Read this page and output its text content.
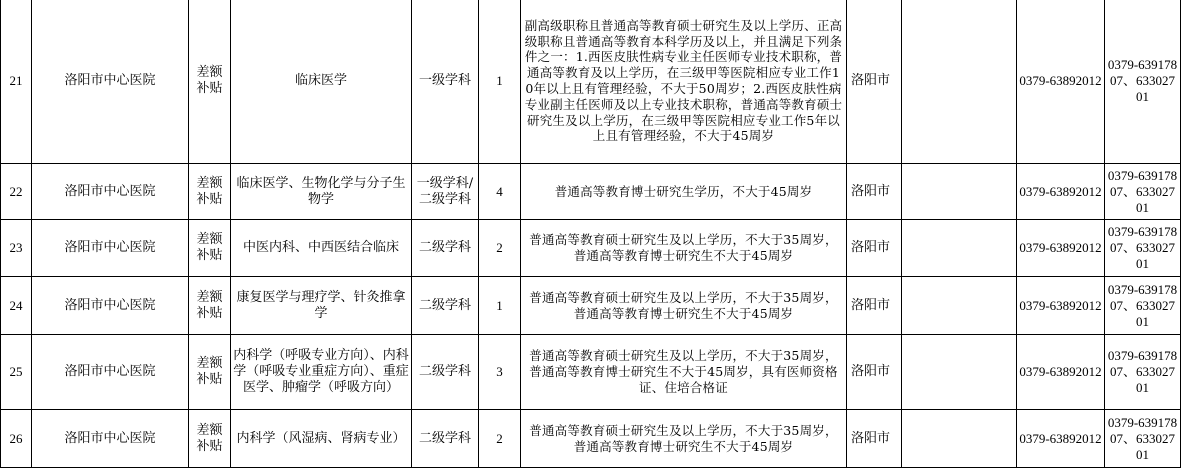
21	洛阳市中心医院	差额补贴	临床医学	一级学科	1	副高级职称且普通高等教育硕士研究生及以上学历、正高级职称且普通高等教育本科学历及以上，并且满足下列条件之一：1.西医皮肤性病专业主任医师专业技术职称，普通高等教育及以上学历，在三级甲等医院相应专业工作10年以上且有管理经验，不大于50周岁；2.西医皮肤性病专业副主任医师及以上专业技术职称，普通高等教育硕士研究生及以上学历，在三级甲等医院相应专业工作5年以上且有管理经验，不大于45周岁	洛阳市		0379-63892012	0379-63917807、63302701
22	洛阳市中心医院	差额补贴	临床医学、生物化学与分子生物学	一级学科/二级学科	4	普通高等教育博士研究生学历，不大于45周岁	洛阳市		0379-63892012	0379-63917807、63302701
23	洛阳市中心医院	差额补贴	中医内科、中西医结合临床	二级学科	2	普通高等教育硕士研究生及以上学历，不大于35周岁，普通高等教育博士研究生不大于45周岁	洛阳市		0379-63892012	0379-63917807、63302701
24	洛阳市中心医院	差额补贴	康复医学与理疗学、针灸推拿学	二级学科	1	普通高等教育硕士研究生及以上学历，不大于35周岁，普通高等教育博士研究生不大于45周岁	洛阳市		0379-63892012	0379-63917807、63302701
25	洛阳市中心医院	差额补贴	内科学（呼吸专业方向）、内科学（呼吸专业重症方向）、重症医学、肿瘤学（呼吸方向）	二级学科	3	普通高等教育硕士研究生及以上学历，不大于35周岁，普通高等教育博士研究生不大于45周岁，具有医师资格证、住培合格证	洛阳市		0379-63892012	0379-63917807、63302701
26	洛阳市中心医院	差额补贴	内科学（风湿病、肾病专业）	二级学科	2	普通高等教育硕士研究生及以上学历，不大于35周岁，普通高等教育博士研究生不大于45周岁	洛阳市		0379-63892012	0379-63917807、63302701
